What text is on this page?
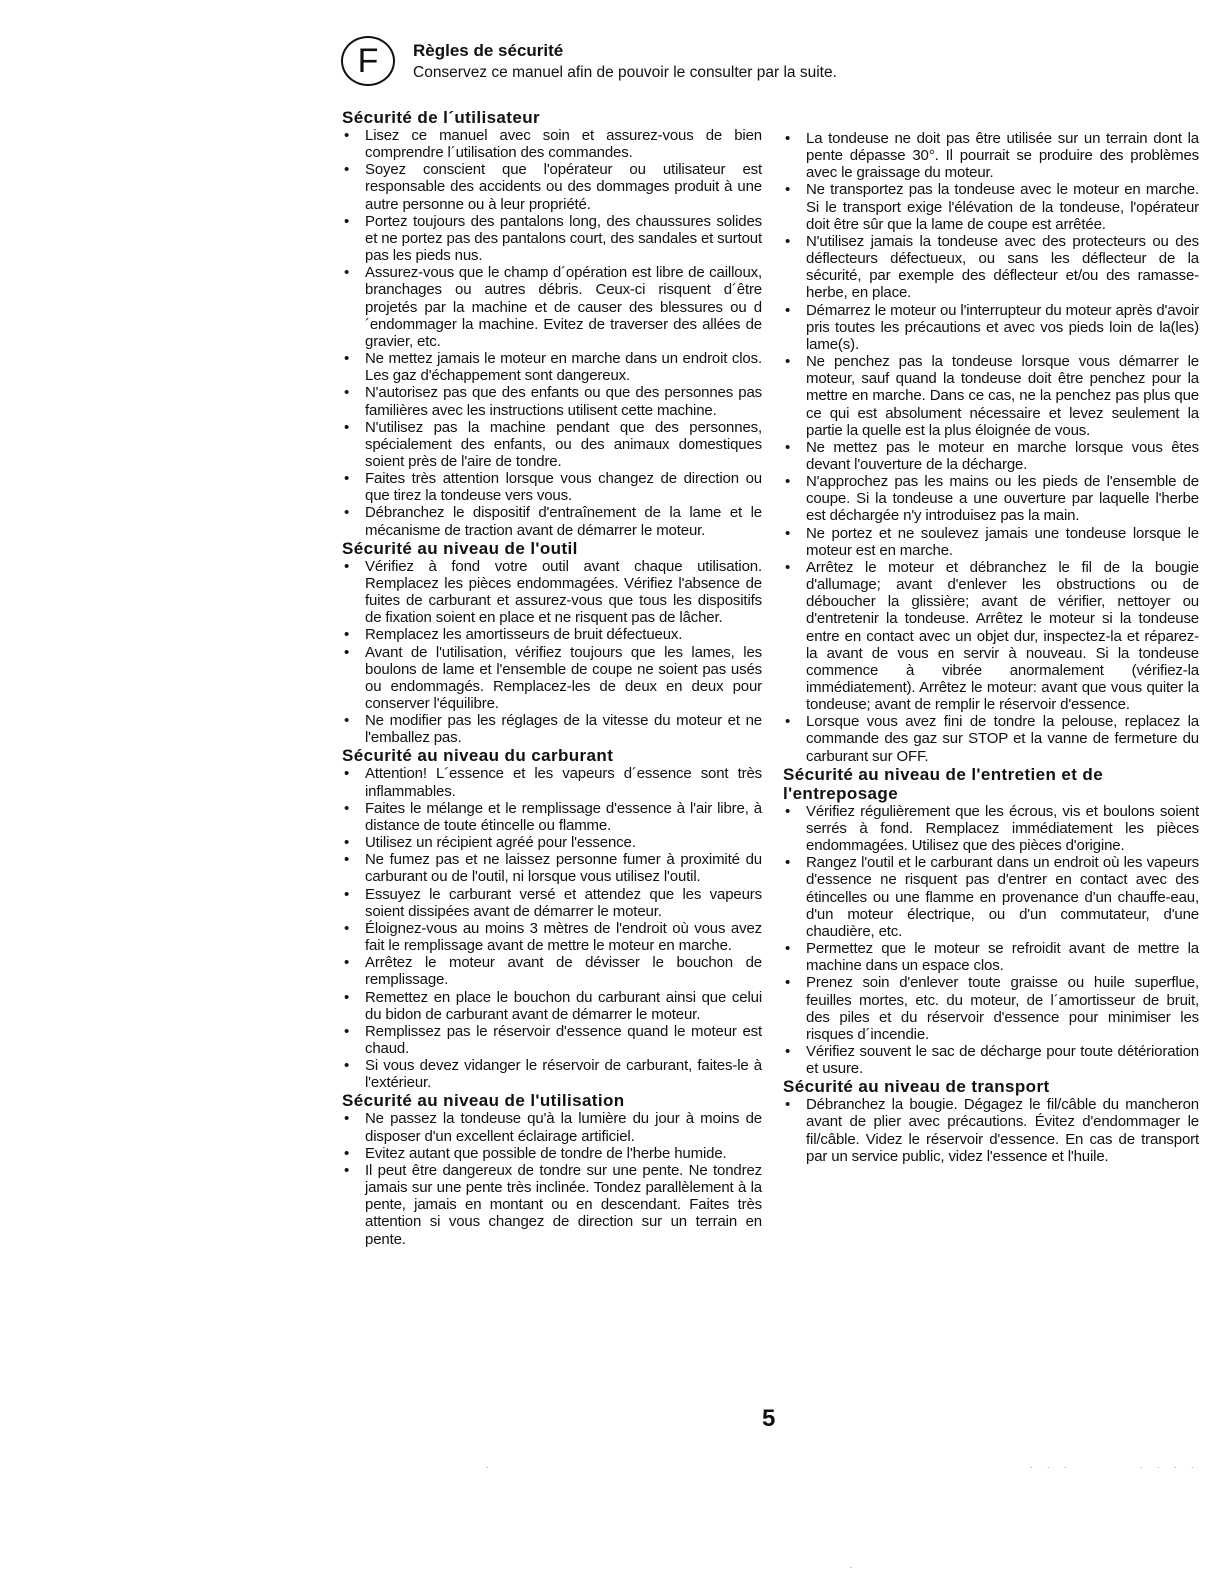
F	Règles de sécurité
Conservez ce manuel afin de pouvoir le consulter par la suite.
Sécurité de l´utilisateur
• Lisez ce manuel avec soin et assurez-vous de bien comprendre l´utilisation des commandes.
• Soyez conscient que l'opérateur ou utilisateur est responsable des accidents ou des dommages produit à une autre personne ou à leur propriété.
• Portez toujours des pantalons long, des chaussures solides et ne portez pas des pantalons court, des sandales et surtout pas les pieds nus.
• Assurez-vous que le champ d´opération est libre de cailloux, branchages ou autres débris. Ceux-ci risquent d´être projetés par la machine et de causer des blessures ou d´endommager la machine. Evitez de traverser des allées de gravier, etc.
• Ne mettez jamais le moteur en marche dans un endroit clos. Les gaz d'échappement sont dangereux.
• N'autorisez pas que des enfants ou que des personnes pas familières avec les instructions utilisent cette machine.
• N'utilisez pas la machine pendant que des personnes, spécialement des enfants, ou des animaux domestiques soient près de l'aire de tondre.
• Faites très attention lorsque vous changez de direction ou que tirez la tondeuse vers vous.
• Débranchez le dispositif d'entraînement de la lame et le mécanisme de traction avant de démarrer le moteur.
Sécurité au niveau de l'outil
• Vérifiez à fond votre outil avant chaque utilisation. Remplacez les pièces endommagées. Vérifiez l'absence de fuites de carburant et assurez-vous que tous les dispositifs de fixation soient en place et ne risquent pas de lâcher.
• Remplacez les amortisseurs de bruit défectueux.
• Avant de l'utilisation, vérifiez toujours que les lames, les boulons de lame et l'ensemble de coupe ne soient pas usés ou endommagés. Remplacez-les de deux en deux pour conserver l'équilibre.
• Ne modifier pas les réglages de la vitesse du moteur et ne l'emballez pas.
Sécurité au niveau du carburant
• Attention! L´essence et les vapeurs d´essence sont très inflammables.
• Faites le mélange et le remplissage d'essence à l'air libre, à distance de toute étincelle ou flamme.
• Utilisez un récipient agréé pour l'essence.
• Ne fumez pas et ne laissez personne fumer à proximité du carburant ou de l'outil, ni lorsque vous utilisez l'outil.
• Essuyez le carburant versé et attendez que les vapeurs soient dissipées avant de démarrer le moteur.
• Éloignez-vous au moins 3 mètres de l'endroit où vous avez fait le remplissage avant de mettre le moteur en marche.
• Arrêtez le moteur avant de dévisser le bouchon de remplissage.
• Remettez en place le bouchon du carburant ainsi que celui du bidon de carburant avant de démarrer le moteur.
• Remplissez pas le réservoir d'essence quand le moteur est chaud.
• Si vous devez vidanger le réservoir de carburant, faites-le à l'extérieur.
Sécurité au niveau de l'utilisation
• Ne passez la tondeuse qu'à la lumière du jour à moins de disposer d'un excellent éclairage artificiel.
• Evitez autant que possible de tondre de l'herbe humide.
• Il peut être dangereux de tondre sur une pente. Ne tondrez jamais sur une pente très inclinée. Tondez parallèlement à la pente, jamais en montant ou en descendant. Faites très attention si vous changez de direction sur un terrain en pente.
• La tondeuse ne doit pas être utilisée sur un terrain dont la pente dépasse 30°. Il pourrait se produire des problèmes avec le graissage du moteur.
• Ne transportez pas la tondeuse avec le moteur en marche. Si le transport exige l'élévation de la tondeuse, l'opérateur doit être sûr que la lame de coupe est arrêtée.
• N'utilisez jamais la tondeuse avec des protecteurs ou des déflecteurs défectueux, ou sans les déflecteur de la sécurité, par exemple des déflecteur et/ou des ramasse-herbe, en place.
• Démarrez le moteur ou l'interrupteur du moteur après d'avoir pris toutes les précautions et avec vos pieds loin de la(les) lame(s).
• Ne penchez pas la tondeuse lorsque vous démarrer le moteur, sauf quand la tondeuse doit être penchez pour la mettre en marche. Dans ce cas, ne la penchez pas plus que ce qui est absolument nécessaire et levez seulement la partie la quelle est la plus éloignée de vous.
• Ne mettez pas le moteur en marche lorsque vous êtes devant l'ouverture de la décharge.
• N'approchez pas les mains ou les pieds de l'ensemble de coupe. Si la tondeuse a une ouverture par laquelle l'herbe est déchargée n'y introduisez pas la main.
• Ne portez et ne soulevez jamais une tondeuse lorsque le moteur est en marche.
• Arrêtez le moteur et débranchez le fil de la bougie d'allumage; avant d'enlever les obstructions ou de déboucher la glissière; avant de vérifier, nettoyer ou d'entretenir la tondeuse. Arrêtez le moteur si la tondeuse entre en contact avec un objet dur, inspectez-la et réparez-la avant de vous en servir à nouveau. Si la tondeuse commence à vibrée anormalement (vérifiez-la immédiatement). Arrêtez le moteur: avant que vous quiter la tondeuse; avant de remplir le réservoir d'essence.
• Lorsque vous avez fini de tondre la pelouse, replacez la commande des gaz sur STOP et la vanne de fermeture du carburant sur OFF.
Sécurité au niveau de l'entretien et de l'entreposage
• Vérifiez régulièrement que les écrous, vis et boulons soient serrés à fond. Remplacez immédiatement les pièces endommagées. Utilisez que des pièces d'origine.
• Rangez l'outil et le carburant dans un endroit où les vapeurs d'essence ne risquent pas d'entrer en contact avec des étincelles ou une flamme en provenance d'un chauffe-eau, d'un moteur électrique, ou d'un commutateur, d'une chaudière, etc.
• Permettez que le moteur se refroidit avant de mettre la machine dans un espace clos.
• Prenez soin d'enlever toute graisse ou huile superflue, feuilles mortes, etc. du moteur, de l´amortisseur de bruit, des piles et du réservoir d'essence pour minimiser les risques d´incendie.
• Vérifiez souvent le sac de décharge pour toute détérioration et usure.
Sécurité au niveau de transport
• Débranchez la bougie. Dégagez le fil/câble du mancheron avant de plier avec précautions. Évitez d'endommager le fil/câble. Videz le réservoir d'essence. En cas de transport par un service public, videz l'essence et l'huile.
5
.	. . .	. . . .
.
